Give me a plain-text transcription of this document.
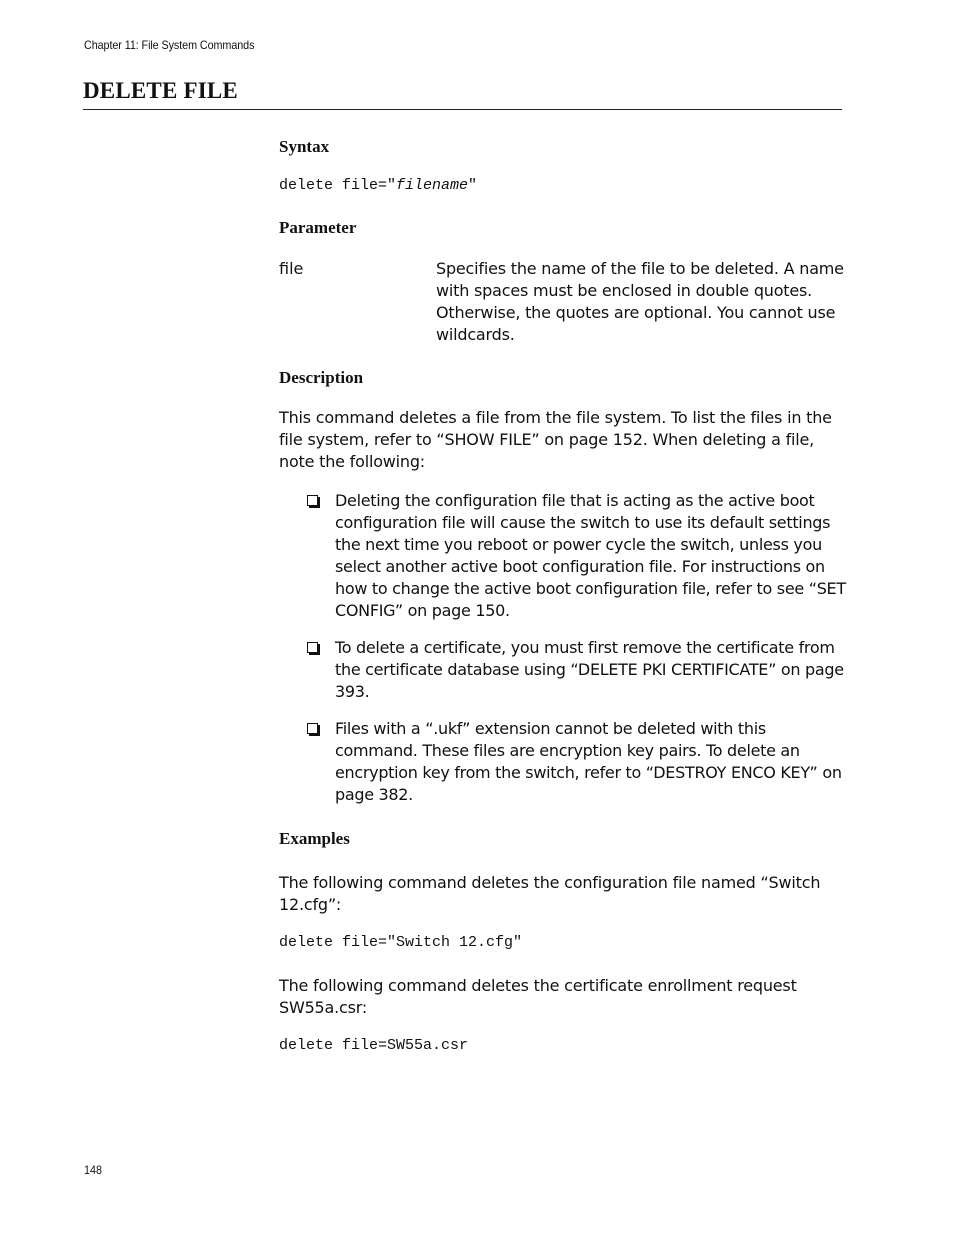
Chapter 11: File System Commands
DELETE FILE
Syntax
delete file="filename"
Parameter
file	Specifies the name of the file to be deleted. A name with spaces must be enclosed in double quotes. Otherwise, the quotes are optional. You cannot use wildcards.
Description

This command deletes a file from the file system. To list the files in the file system, refer to “SHOW FILE” on page 152. When deleting a file, note the following:

Deleting the configuration file that is acting as the active boot configuration file will cause the switch to use its default settings the next time you reboot or power cycle the switch, unless you select another active boot configuration file. For instructions on how to change the active boot configuration file, refer to see “SET CONFIG” on page 150.
To delete a certificate, you must first remove the certificate from the certificate database using “DELETE PKI CERTIFICATE” on page 393.
Files with a “.ukf” extension cannot be deleted with this command. These files are encryption key pairs. To delete an encryption key from the switch, refer to “DESTROY ENCO KEY” on page 382.
Examples

The following command deletes the configuration file named “Switch 12.cfg”:

delete file="Switch 12.cfg"

The following command deletes the certificate enrollment request SW55a.csr:

delete file=SW55a.csr
148
